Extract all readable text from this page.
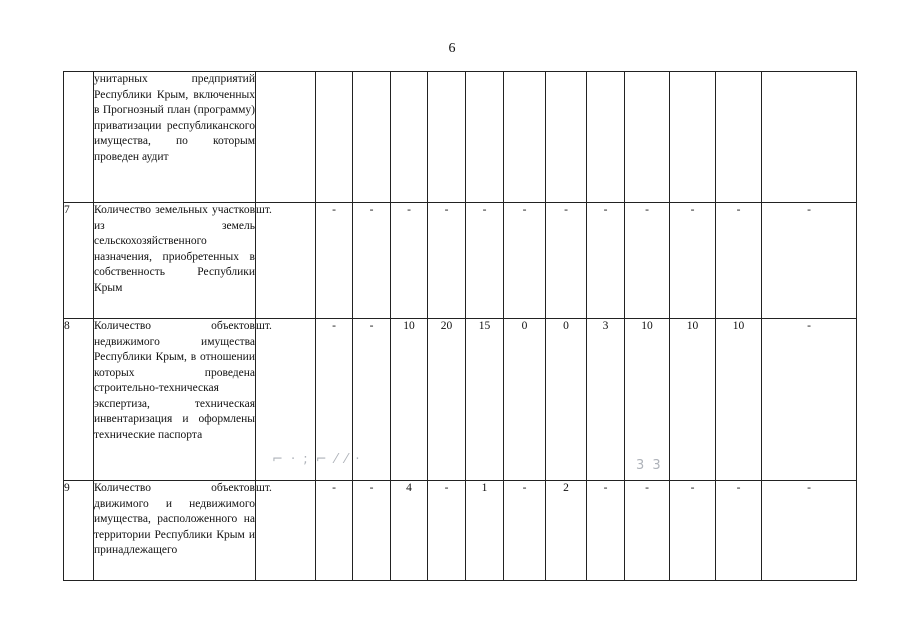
6
	унитарных предприятий Республики Крым, включенных в Прогнозный план (программу) приватизации республиканского имущества, по которым проведен аудит													
7	Количество земельных участков из земель сельскохозяйственного назначения, приобретенных в собственность Республики Крым	шт.	-	-	-	-	-	-	-	-	-	-	-	-
8	Количество объектов недвижимого имущества Республики Крым, в отношении которых проведена строительно-техническая экспертиза, техническая инвентаризация и оформлены технические паспорта	шт.	-	-	10	20	15	0	0	3	10	10	10	-
9	Количество объектов движимого и недвижимого имущества, расположенного на территории Республики Крым и принадлежащего	шт.	-	-	4	-	1	-	2	-	-	-	-	-
⌐ · ; ⌐ ⁄ ⁄ ·	3 3
